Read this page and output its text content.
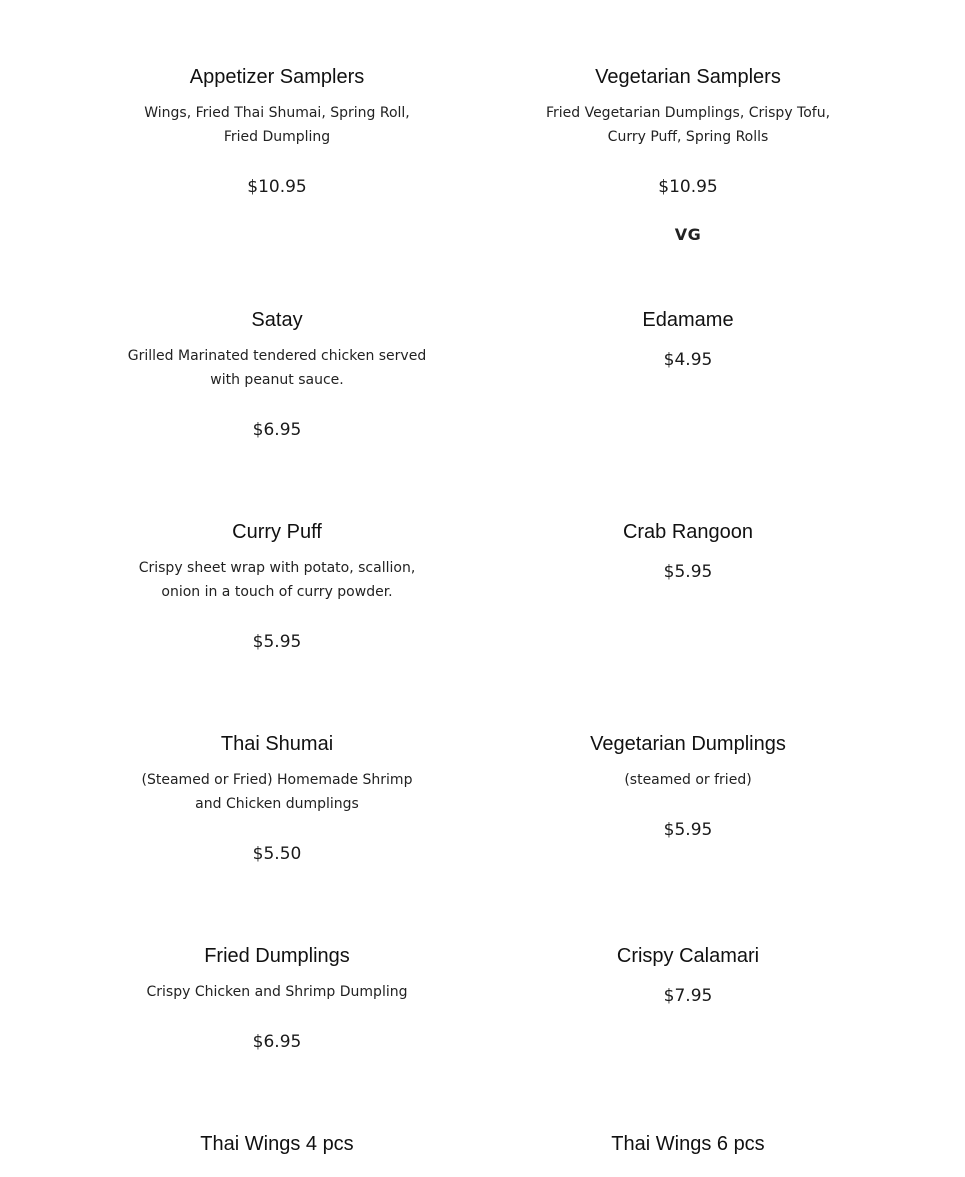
Appetizer Samplers
Wings, Fried Thai Shumai, Spring Roll, Fried Dumpling
$10.95
Vegetarian Samplers
Fried Vegetarian Dumplings, Crispy Tofu, Curry Puff, Spring Rolls
$10.95
VG
Satay
Grilled Marinated tendered chicken served with peanut sauce.
$6.95
Edamame
$4.95
Curry Puff
Crispy sheet wrap with potato, scallion, onion in a touch of curry powder.
$5.95
Crab Rangoon
$5.95
Thai Shumai
(Steamed or Fried) Homemade Shrimp and Chicken dumplings
$5.50
Vegetarian Dumplings
(steamed or fried)
$5.95
Fried Dumplings
Crispy Chicken and Shrimp Dumpling
$6.95
Crispy Calamari
$7.95
Thai Wings 4 pcs	Thai Wings 6 pcs
